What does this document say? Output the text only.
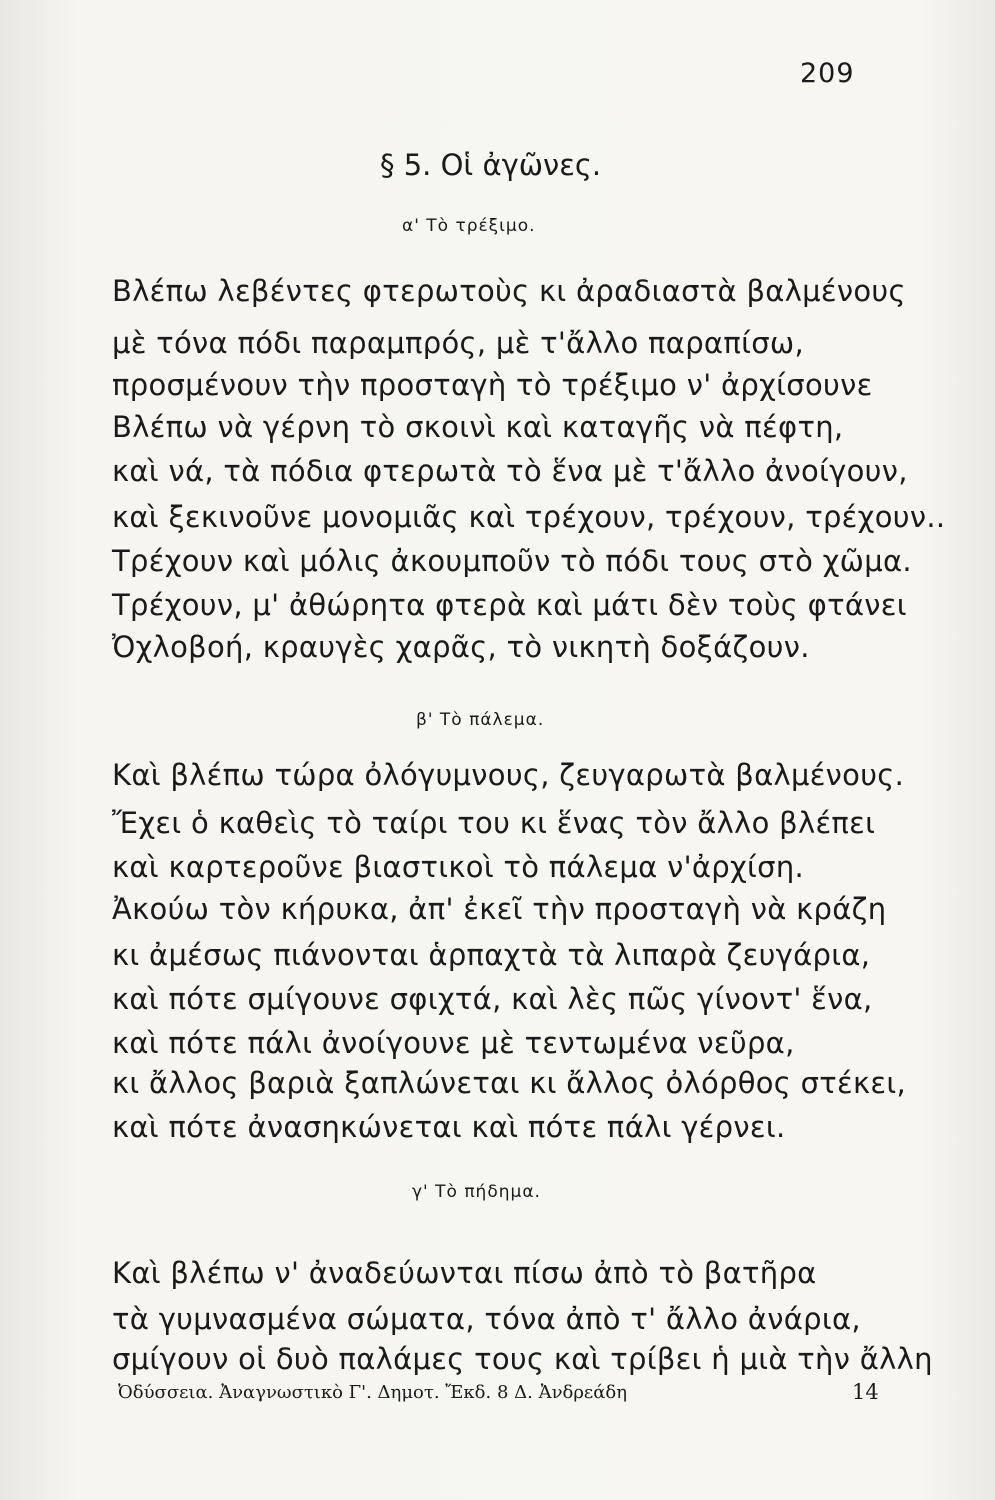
209
§ 5. Οἱ ἀγῶνες.
α' Τὸ τρέξιμο.
Βλέπω λεβέντες φτερωτοὺς κι ἀραδιαστὰ βαλμένους
μὲ τόνα πόδι παραμπρός, μὲ τ'ἄλλο παραπίσω,
προσμένουν τὴν προσταγὴ τὸ τρέξιμο ν' ἀρχίσουνε
Βλέπω νὰ γέρνη τὸ σκοινὶ καὶ καταγῆς νὰ πέφτη,
καὶ νά, τὰ πόδια φτερωτὰ τὸ ἕνα μὲ τ'ἄλλο ἀνοίγουν,
καὶ ξεκινοῦνε μονομιᾶς καὶ τρέχουν, τρέχουν, τρέχουν..
Τρέχουν καὶ μόλις ἀκουμποῦν τὸ πόδι τους στὸ χῶμα.
Τρέχουν, μ' ἀθώρητα φτερὰ καὶ μάτι δὲν τοὺς φτάνει
Ὀχλοβοή, κραυγὲς χαρᾶς, τὸ νικητὴ δοξάζουν.
β' Τὸ πάλεμα.
Καὶ βλέπω τώρα ὀλόγυμνους, ζευγαρωτὰ βαλμένους.
Ἔχει ὁ καθεὶς τὸ ταίρι του κι ἕνας τὸν ἄλλο βλέπει
καὶ καρτεροῦνε βιαστικοὶ τὸ πάλεμα ν'ἀρχίση.
Ἀκούω τὸν κήρυκα, ἀπ' ἐκεῖ τὴν προσταγὴ νὰ κράζη
κι ἀμέσως πιάνονται ἁρπαχτὰ τὰ λιπαρὰ ζευγάρια,
καὶ πότε σμίγουνε σφιχτά, καὶ λὲς πῶς γίνοντ' ἕνα,
καὶ πότε πάλι ἀνοίγουνε μὲ τεντωμένα νεῦρα,
κι ἄλλος βαριὰ ξαπλώνεται κι ἄλλος ὀλόρθος στέκει,
καὶ πότε ἀνασηκώνεται καὶ πότε πάλι γέρνει.
γ' Τὸ πήδημα.
Καὶ βλέπω ν' ἀναδεύωνται πίσω ἀπὸ τὸ βατῆρα
τὰ γυμνασμένα σώματα, τόνα ἀπὸ τ' ἄλλο ἀνάρια,
σμίγουν οἱ δυὸ παλάμες τους καὶ τρίβει ἡ μιὰ τὴν ἄλλη
Ὀδύσσεια. Ἀναγνωστικὸ Γ'. Δημοτ. Ἔκδ. 8 Δ. Ἀνδρεάδη	14
